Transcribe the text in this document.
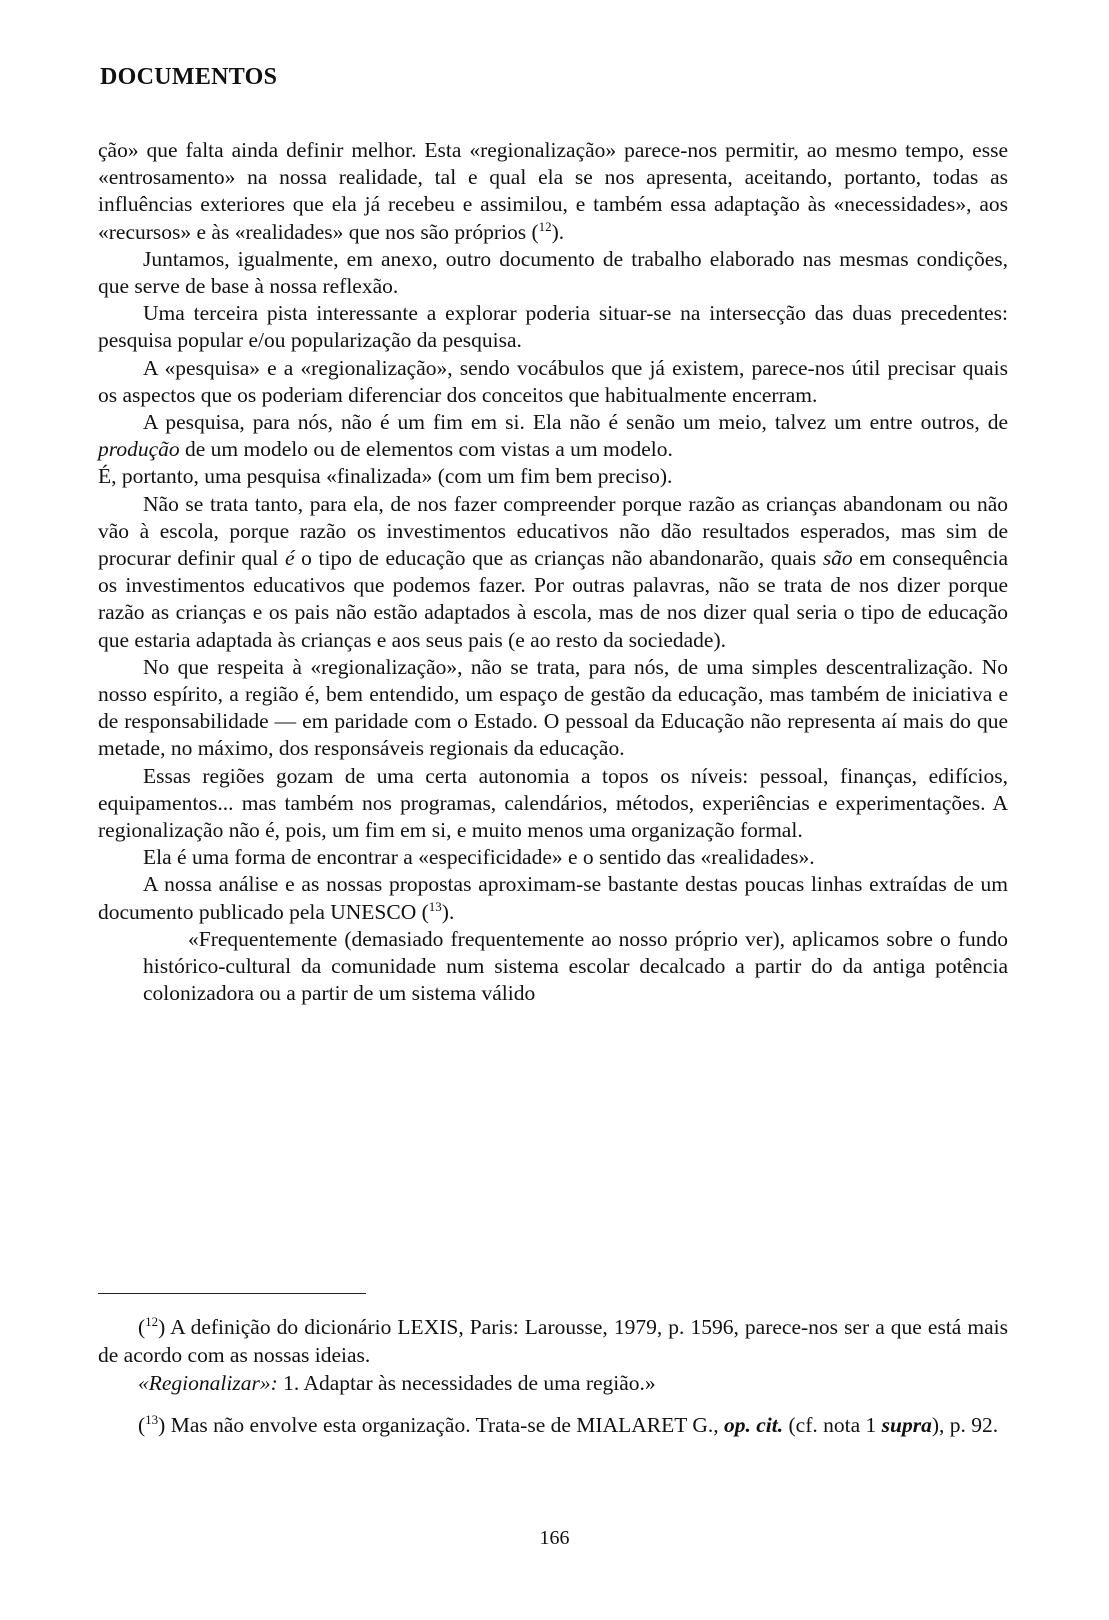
DOCUMENTOS

ção» que falta ainda definir melhor. Esta «regionalização» parece-nos permitir, ao mesmo tempo, esse «entrosamento» na nossa realidade, tal e qual ela se nos apresenta, aceitando, portanto, todas as influências exteriores que ela já recebeu e assimilou, e também essa adaptação às «necessidades», aos «recursos» e às «realidades» que nos são próprios ($^{12}$).

Juntamos, igualmente, em anexo, outro documento de trabalho elaborado nas mesmas condições, que serve de base à nossa reflexão.

Uma terceira pista interessante a explorar poderia situar-se na intersecção das duas precedentes: pesquisa popular e/ou popularização da pesquisa.

A «pesquisa» e a «regionalização», sendo vocábulos que já existem, parece-nos útil precisar quais os aspectos que os poderiam diferenciar dos conceitos que habitualmente encerram.

A pesquisa, para nós, não é um fim em si. Ela não é senão um meio, talvez um entre outros, de produção de um modelo ou de elementos com vistas a um modelo.

É, portanto, uma pesquisa «finalizada» (com um fim bem preciso).

Não se trata tanto, para ela, de nos fazer compreender porque razão as crianças abandonam ou não vão à escola, porque razão os investimentos educativos não dão resultados esperados, mas sim de procurar definir qual é o tipo de educação que as crianças não abandonarão, quais são em consequência os investimentos educativos que podemos fazer. Por outras palavras, não se trata de nos dizer porque razão as crianças e os pais não estão adaptados à escola, mas de nos dizer qual seria o tipo de educação que estaria adaptada às crianças e aos seus pais (e ao resto da sociedade).

No que respeita à «regionalização», não se trata, para nós, de uma simples descentralização. No nosso espírito, a região é, bem entendido, um espaço de gestão da educação, mas também de iniciativa e de responsabilidade — em paridade com o Estado. O pessoal da Educação não representa aí mais do que metade, no máximo, dos responsáveis regionais da educação.

Essas regiões gozam de uma certa autonomia a topos os níveis: pessoal, finanças, edifícios, equipamentos... mas também nos programas, calendários, métodos, experiências e experimentações. A regionalização não é, pois, um fim em si, e muito menos uma organização formal.

Ela é uma forma de encontrar a «especificidade» e o sentido das «realidades».

A nossa análise e as nossas propostas aproximam-se bastante destas poucas linhas extraídas de um documento publicado pela UNESCO ($^{13}$).

«Frequentemente (demasiado frequentemente ao nosso próprio ver), aplicamos sobre o fundo histórico-cultural da comunidade num sistema escolar decalcado a partir do da antiga potência colonizadora ou a partir de um sistema válido

($^{12}$) A definição do dicionário LEXIS, Paris: Larousse, 1979, p. 1596, parece-nos ser a que está mais de acordo com as nossas ideias.

«Regionalizar»: 1. Adaptar às necessidades de uma região.»

($^{13}$) Mas não envolve esta organização. Trata-se de MIALARET G., op. cit. (cf. nota 1 supra), p. 92.

166
